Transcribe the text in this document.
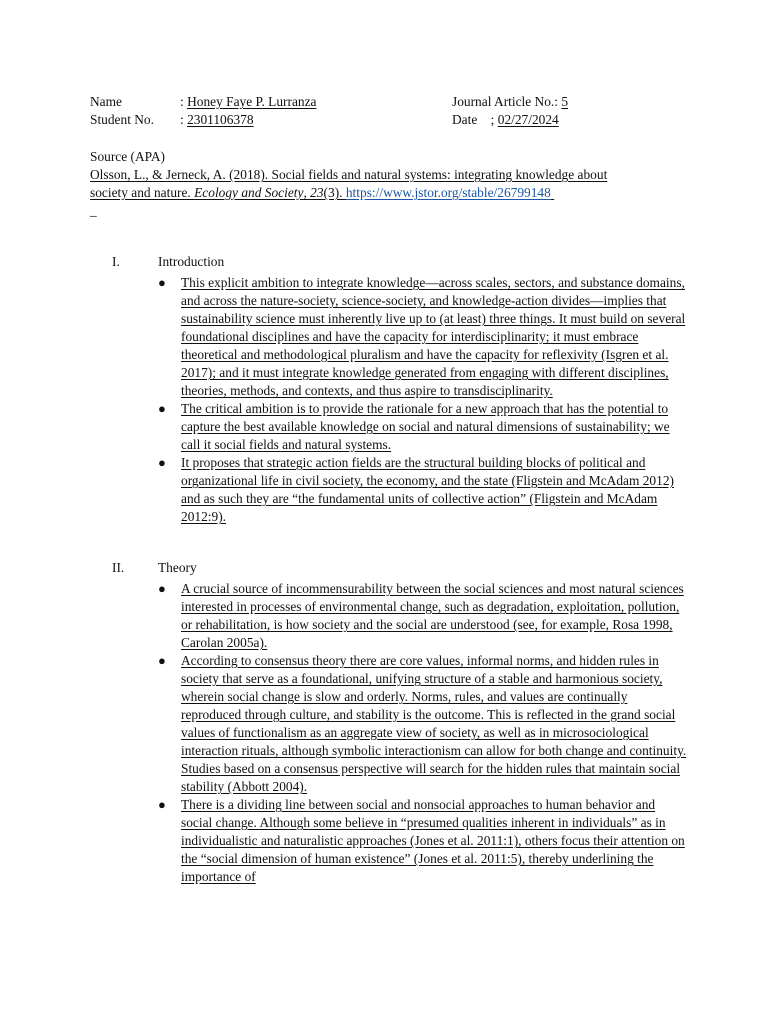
Name	: Honey Faye P. Lurranza	Journal Article No.: 5
Student No. : 2301106378	Date    ; 02/27/2024
Source (APA)
Olsson, L., & Jerneck, A. (2018). Social fields and natural systems: integrating knowledge about
society and nature. Ecology and Society, 23(3). https://www.jstor.org/stable/26799148
_
I.	Introduction
● This explicit ambition to integrate knowledge—across scales, sectors, and substance domains, and across the nature-society, science-society, and knowledge-action divides—implies that sustainability science must inherently live up to (at least) three things. It must build on several foundational disciplines and have the capacity for interdisciplinarity; it must embrace theoretical and methodological pluralism and have the capacity for reflexivity (Isgren et al. 2017); and it must integrate knowledge generated from engaging with different disciplines, theories, methods, and contexts, and thus aspire to transdisciplinarity.
● The critical ambition is to provide the rationale for a new approach that has the potential to capture the best available knowledge on social and natural dimensions of sustainability; we call it social fields and natural systems.
● It proposes that strategic action fields are the structural building blocks of political and organizational life in civil society, the economy, and the state (Fligstein and McAdam 2012) and as such they are “the fundamental units of collective action” (Fligstein and McAdam 2012:9).
II.	Theory
● A crucial source of incommensurability between the social sciences and most natural sciences interested in processes of environmental change, such as degradation, exploitation, pollution, or rehabilitation, is how society and the social are understood (see, for example, Rosa 1998, Carolan 2005a).
● According to consensus theory there are core values, informal norms, and hidden rules in society that serve as a foundational, unifying structure of a stable and harmonious society, wherein social change is slow and orderly. Norms, rules, and values are continually reproduced through culture, and stability is the outcome. This is reflected in the grand social values of functionalism as an aggregate view of society, as well as in microsociological interaction rituals, although symbolic interactionism can allow for both change and continuity. Studies based on a consensus perspective will search for the hidden rules that maintain social stability (Abbott 2004).
● There is a dividing line between social and nonsocial approaches to human behavior and social change. Although some believe in “presumed qualities inherent in individuals” as in individualistic and naturalistic approaches (Jones et al. 2011:1), others focus their attention on the “social dimension of human existence” (Jones et al. 2011:5), thereby underlining the importance of
